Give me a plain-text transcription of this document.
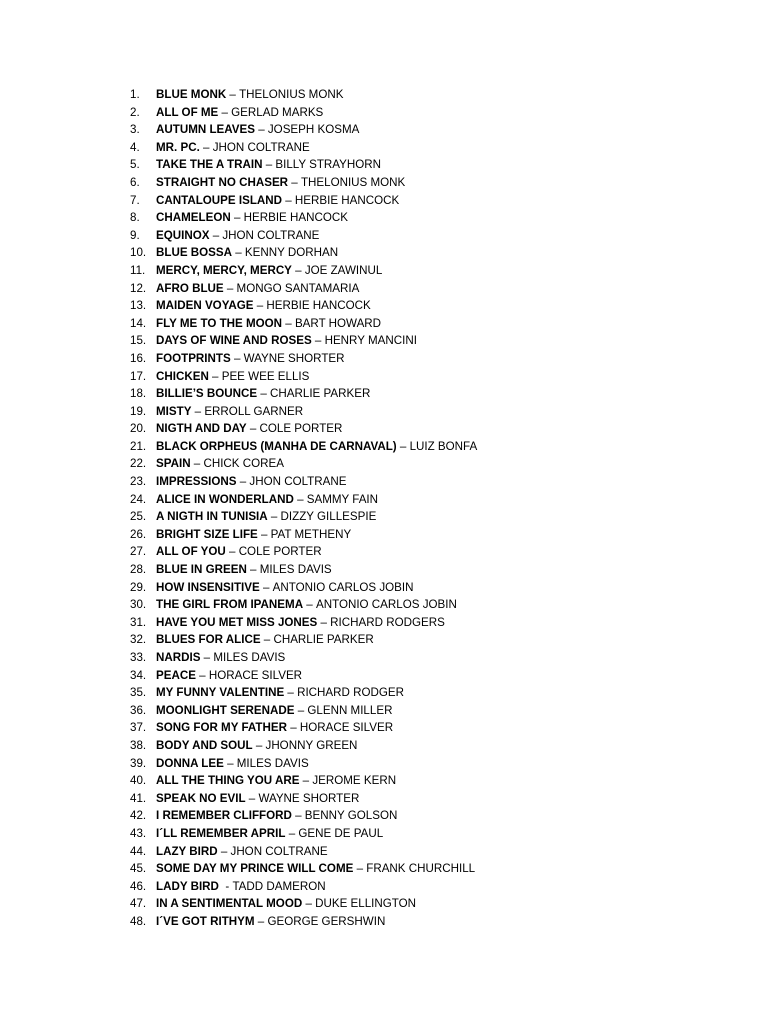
1.	BLUE MONK – THELONIUS MONK
2.	ALL OF ME – GERLAD MARKS
3.	AUTUMN LEAVES – JOSEPH KOSMA
4.	MR. PC. – JHON COLTRANE
5.	TAKE THE A TRAIN – BILLY STRAYHORN
6.	STRAIGHT NO CHASER – THELONIUS MONK
7.	CANTALOUPE ISLAND – HERBIE HANCOCK
8.	CHAMELEON – HERBIE HANCOCK
9.	EQUINOX – JHON COLTRANE
10. BLUE BOSSA – KENNY DORHAN
11. MERCY, MERCY, MERCY – JOE ZAWINUL
12. AFRO BLUE – MONGO SANTAMARIA
13. MAIDEN VOYAGE – HERBIE HANCOCK
14. FLY ME TO THE MOON – BART HOWARD
15. DAYS OF WINE AND ROSES – HENRY MANCINI
16. FOOTPRINTS – WAYNE SHORTER
17. CHICKEN – PEE WEE ELLIS
18. BILLIE’S BOUNCE – CHARLIE PARKER
19. MISTY – ERROLL GARNER
20. NIGTH AND DAY – COLE PORTER
21. BLACK ORPHEUS (MANHA DE CARNAVAL) – LUIZ BONFA
22. SPAIN – CHICK COREA
23. IMPRESSIONS – JHON COLTRANE
24. ALICE IN WONDERLAND – SAMMY FAIN
25. A NIGTH IN TUNISIA – DIZZY GILLESPIE
26. BRIGHT SIZE LIFE – PAT METHENY
27. ALL OF YOU – COLE PORTER
28. BLUE IN GREEN – MILES DAVIS
29. HOW INSENSITIVE – ANTONIO CARLOS JOBIN
30. THE GIRL FROM IPANEMA – ANTONIO CARLOS JOBIN
31. HAVE YOU MET MISS JONES – RICHARD RODGERS
32. BLUES FOR ALICE – CHARLIE PARKER
33. NARDIS – MILES DAVIS
34. PEACE – HORACE SILVER
35. MY FUNNY VALENTINE – RICHARD RODGER
36. MOONLIGHT SERENADE – GLENN MILLER
37. SONG FOR MY FATHER – HORACE SILVER
38. BODY AND SOUL – JHONNY GREEN
39. DONNA LEE – MILES DAVIS
40. ALL THE THING YOU ARE – JEROME KERN
41. SPEAK NO EVIL – WAYNE SHORTER
42. I REMEMBER CLIFFORD – BENNY GOLSON
43. I´LL REMEMBER APRIL – GENE DE PAUL
44. LAZY BIRD – JHON COLTRANE
45. SOME DAY MY PRINCE WILL COME – FRANK CHURCHILL
46. LADY BIRD - TADD DAMERON
47. IN A SENTIMENTAL MOOD – DUKE ELLINGTON
48. I´VE GOT RITHYM – GEORGE GERSHWIN
